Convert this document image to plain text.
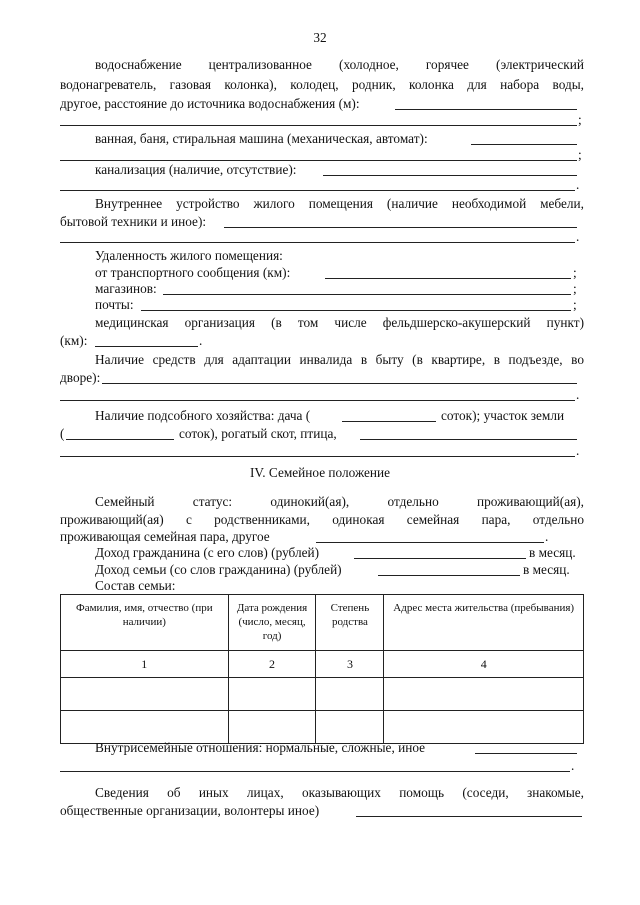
32
водоснабжение централизованное (холодное, горячее (электрический
водонагреватель, газовая колонка), колодец, родник, колонка для набора воды,
другое, расстояние до источника водоснабжения (м):
;
ванная, баня, стиральная машина (механическая, автомат):
;
канализация (наличие, отсутствие):
.
Внутреннее устройство жилого помещения (наличие необходимой мебели,
бытовой техники и иное):
.
Удаленность жилого помещения:
от транспортного сообщения (км):	;
магазинов:	;
почты:	;
медицинская организация (в том числе фельдшерско-акушерский пункт)
(км):	.
Наличие средств для адаптации инвалида в быту (в квартире, в подъезде, во
дворе):
.
Наличие подсобного хозяйства: дача (	соток); участок земли
(	соток), рогатый скот, птица,
.
IV. Семейное положение
Семейный статус: одинокий(ая), отдельно проживающий(ая),
проживающий(ая) с родственниками, одинокая семейная пара, отдельно
проживающая семейная пара, другое	.
Доход гражданина (с его слов) (рублей)	в месяц.
Доход семьи (со слов гражданина) (рублей)	в месяц.
Состав семьи:
Фамилия, имя, отчество (при наличии)	Дата рождения (число, месяц, год)	Степень родства	Адрес места жительства (пребывания)
1	2	3	4

Внутрисемейные отношения: нормальные, сложные, иное
.
Сведения об иных лицах, оказывающих помощь (соседи, знакомые,
общественные организации, волонтеры иное)
